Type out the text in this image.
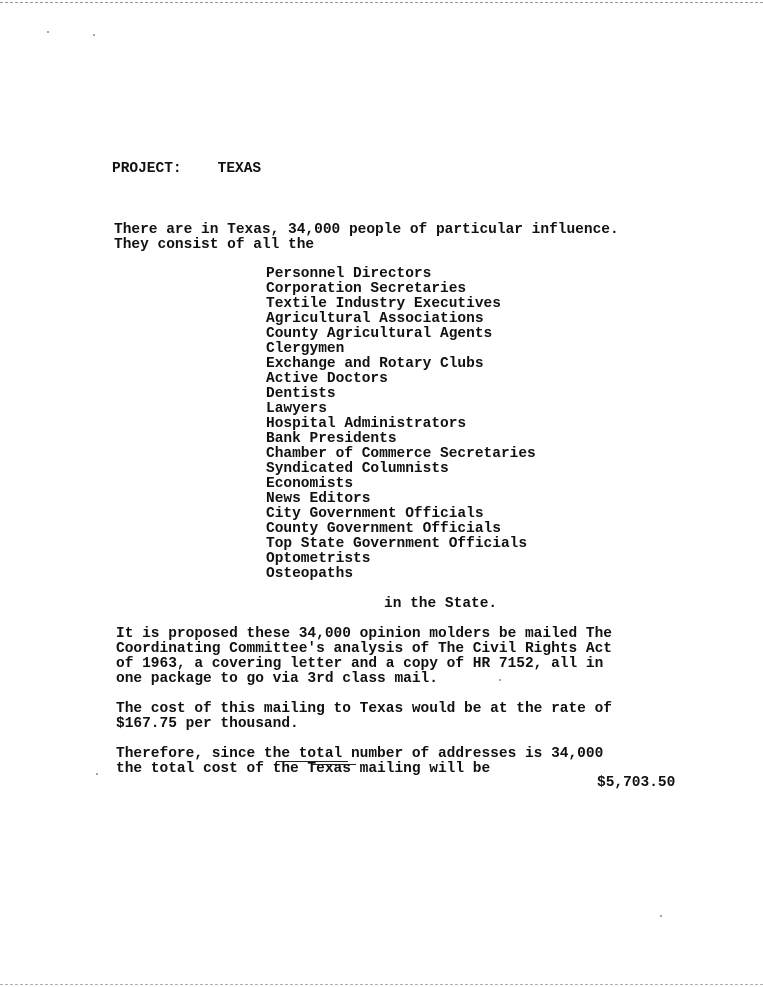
PROJECT: TEXAS
There are in Texas, 34,000 people of particular influence.
They consist of all the
Personnel Directors
Corporation Secretaries
Textile Industry Executives
Agricultural Associations
County Agricultural Agents
Clergymen
Exchange and Rotary Clubs
Active Doctors
Dentists
Lawyers
Hospital Administrators
Bank Presidents
Chamber of Commerce Secretaries
Syndicated Columnists
Economists
News Editors
City Government Officials
County Government Officials
Top State Government Officials
Optometrists
Osteopaths
in the State.
It is proposed these 34,000 opinion molders be mailed The
Coordinating Committee's analysis of The Civil Rights Act
of 1963, a covering letter and a copy of HR 7152, all in
one package to go via 3rd class mail.
The cost of this mailing to Texas would be at the rate of
$167.75 per thousand.
Therefore, since the total number of addresses is 34,000
the total cost of the Texas mailing will be
$5,703.50
